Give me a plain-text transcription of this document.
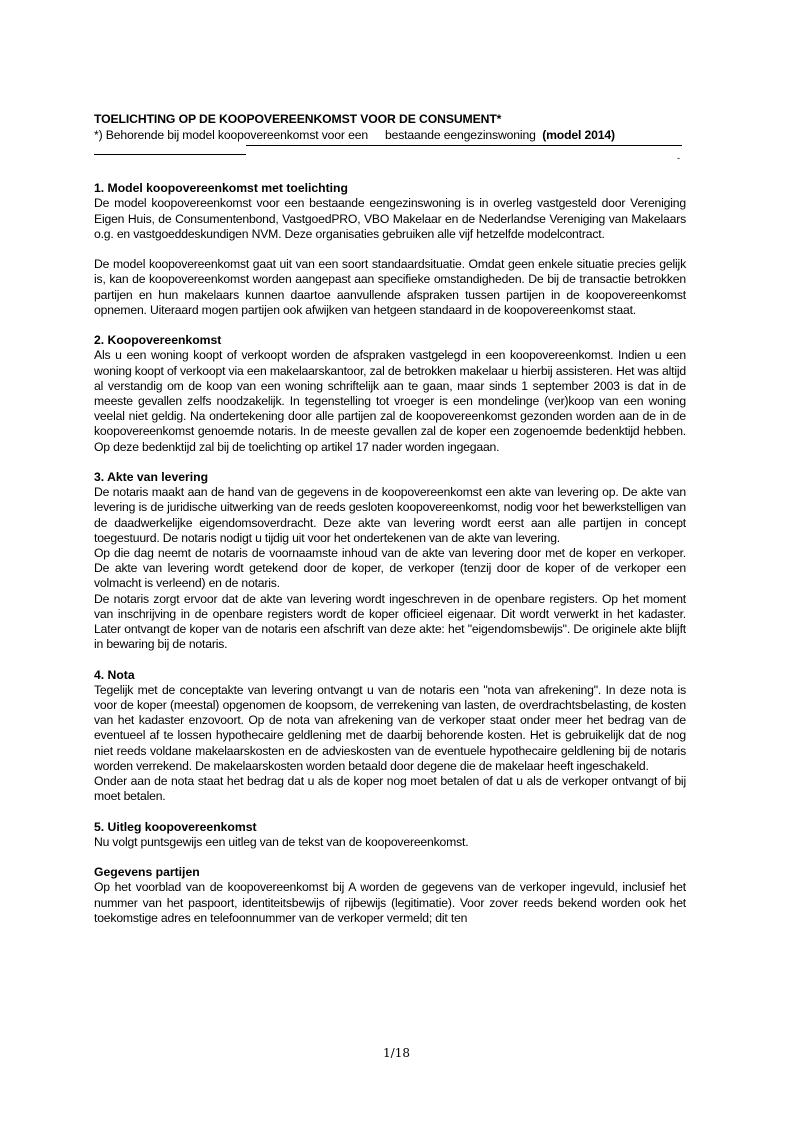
TOELICHTING OP DE KOOPOVEREENKOMST VOOR DE CONSUMENT*
*) Behorende bij model koopovereenkomst voor een bestaande eengezinswoning (model 2014)
-
1. Model koopovereenkomst met toelichting

De model koopovereenkomst voor een bestaande eengezinswoning is in overleg vastgesteld door Vereniging Eigen Huis, de Consumentenbond, VastgoedPRO, VBO Makelaar en de Nederlandse Vereniging van Makelaars o.g. en vastgoeddeskundigen NVM. Deze organisaties gebruiken alle vijf hetzelfde modelcontract.

De model koopovereenkomst gaat uit van een soort standaardsituatie. Omdat geen enkele situatie precies gelijk is, kan de koopovereenkomst worden aangepast aan specifieke omstandigheden. De bij de transactie betrokken partijen en hun makelaars kunnen daartoe aanvullende afspraken tussen partijen in de koopovereenkomst opnemen. Uiteraard mogen partijen ook afwijken van hetgeen standaard in de koopovereenkomst staat.

2. Koopovereenkomst

Als u een woning koopt of verkoopt worden de afspraken vastgelegd in een koopovereenkomst. Indien u een woning koopt of verkoopt via een makelaarskantoor, zal de betrokken makelaar u hierbij assisteren. Het was altijd al verstandig om de koop van een woning schriftelijk aan te gaan, maar sinds 1 september 2003 is dat in de meeste gevallen zelfs noodzakelijk. In tegenstelling tot vroeger is een mondelinge (ver)koop van een woning veelal niet geldig. Na ondertekening door alle partijen zal de koopovereenkomst gezonden worden aan de in de koopovereenkomst genoemde notaris. In de meeste gevallen zal de koper een zogenoemde bedenktijd hebben. Op deze bedenktijd zal bij de toelichting op artikel 17 nader worden ingegaan.

3. Akte van levering

De notaris maakt aan de hand van de gegevens in de koopovereenkomst een akte van levering op. De akte van levering is de juridische uitwerking van de reeds gesloten koopovereenkomst, nodig voor het bewerkstelligen van de daadwerkelijke eigendomsoverdracht. Deze akte van levering wordt eerst aan alle partijen in concept toegestuurd. De notaris nodigt u tijdig uit voor het ondertekenen van de akte van levering.

Op die dag neemt de notaris de voornaamste inhoud van de akte van levering door met de koper en verkoper. De akte van levering wordt getekend door de koper, de verkoper (tenzij door de koper of de verkoper een volmacht is verleend) en de notaris.

De notaris zorgt ervoor dat de akte van levering wordt ingeschreven in de openbare registers. Op het moment van inschrijving in de openbare registers wordt de koper officieel eigenaar. Dit wordt verwerkt in het kadaster. Later ontvangt de koper van de notaris een afschrift van deze akte: het "eigendomsbewijs". De originele akte blijft in bewaring bij de notaris.

4. Nota

Tegelijk met de conceptakte van levering ontvangt u van de notaris een "nota van afrekening". In deze nota is voor de koper (meestal) opgenomen de koopsom, de verrekening van lasten, de overdrachtsbelasting, de kosten van het kadaster enzovoort. Op de nota van afrekening van de verkoper staat onder meer het bedrag van de eventueel af te lossen hypothecaire geldlening met de daarbij behorende kosten. Het is gebruikelijk dat de nog niet reeds voldane makelaarskosten en de advieskosten van de eventuele hypothecaire geldlening bij de notaris worden verrekend. De makelaarskosten worden betaald door degene die de makelaar heeft ingeschakeld.

Onder aan de nota staat het bedrag dat u als de koper nog moet betalen of dat u als de verkoper ontvangt of bij moet betalen.

5. Uitleg koopovereenkomst

Nu volgt puntsgewijs een uitleg van de tekst van de koopovereenkomst.

Gegevens partijen

Op het voorblad van de koopovereenkomst bij A worden de gegevens van de verkoper ingevuld, inclusief het nummer van het paspoort, identiteitsbewijs of rijbewijs (legitimatie). Voor zover reeds bekend worden ook het toekomstige adres en telefoonnummer van de verkoper vermeld; dit ten

1/18
